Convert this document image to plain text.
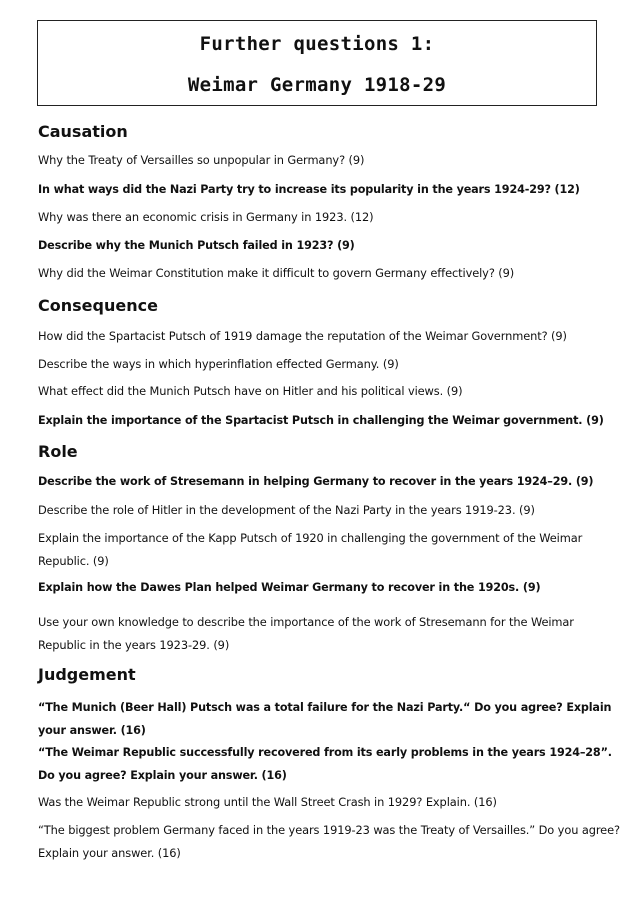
Further questions 1:
Weimar Germany 1918-29
Causation

Why the Treaty of Versailles so unpopular in Germany? (9)

In what ways did the Nazi Party try to increase its popularity in the years 1924-29? (12)

Why was there an economic crisis in Germany in 1923. (12)

Describe why the Munich Putsch failed in 1923? (9)

Why did the Weimar Constitution make it difficult to govern Germany effectively? (9)

Consequence

How did the Spartacist Putsch of 1919 damage the reputation of the Weimar Government? (9)

Describe the ways in which hyperinflation effected Germany. (9)

What effect did the Munich Putsch have on Hitler and his political views. (9)

Explain the importance of the Spartacist Putsch in challenging the Weimar government. (9)

Role

Describe the work of Stresemann in helping Germany to recover in the years 1924–29. (9)

Describe the role of Hitler in the development of the Nazi Party in the years 1919-23. (9)

Explain the importance of the Kapp Putsch of 1920 in challenging the government of the Weimar Republic. (9)

Explain how the Dawes Plan helped Weimar Germany to recover in the 1920s. (9)

Use your own knowledge to describe the importance of the work of Stresemann for the Weimar Republic in the years 1923-29. (9)

Judgement

“The Munich (Beer Hall) Putsch was a total failure for the Nazi Party.“ Do you agree? Explain your answer. (16)

“The Weimar Republic successfully recovered from its early problems in the years 1924–28”. Do you agree? Explain your answer. (16)

Was the Weimar Republic strong until the Wall Street Crash in 1929? Explain. (16)

“The biggest problem Germany faced in the years 1919-23 was the Treaty of Versailles.” Do you agree? Explain your answer. (16)
